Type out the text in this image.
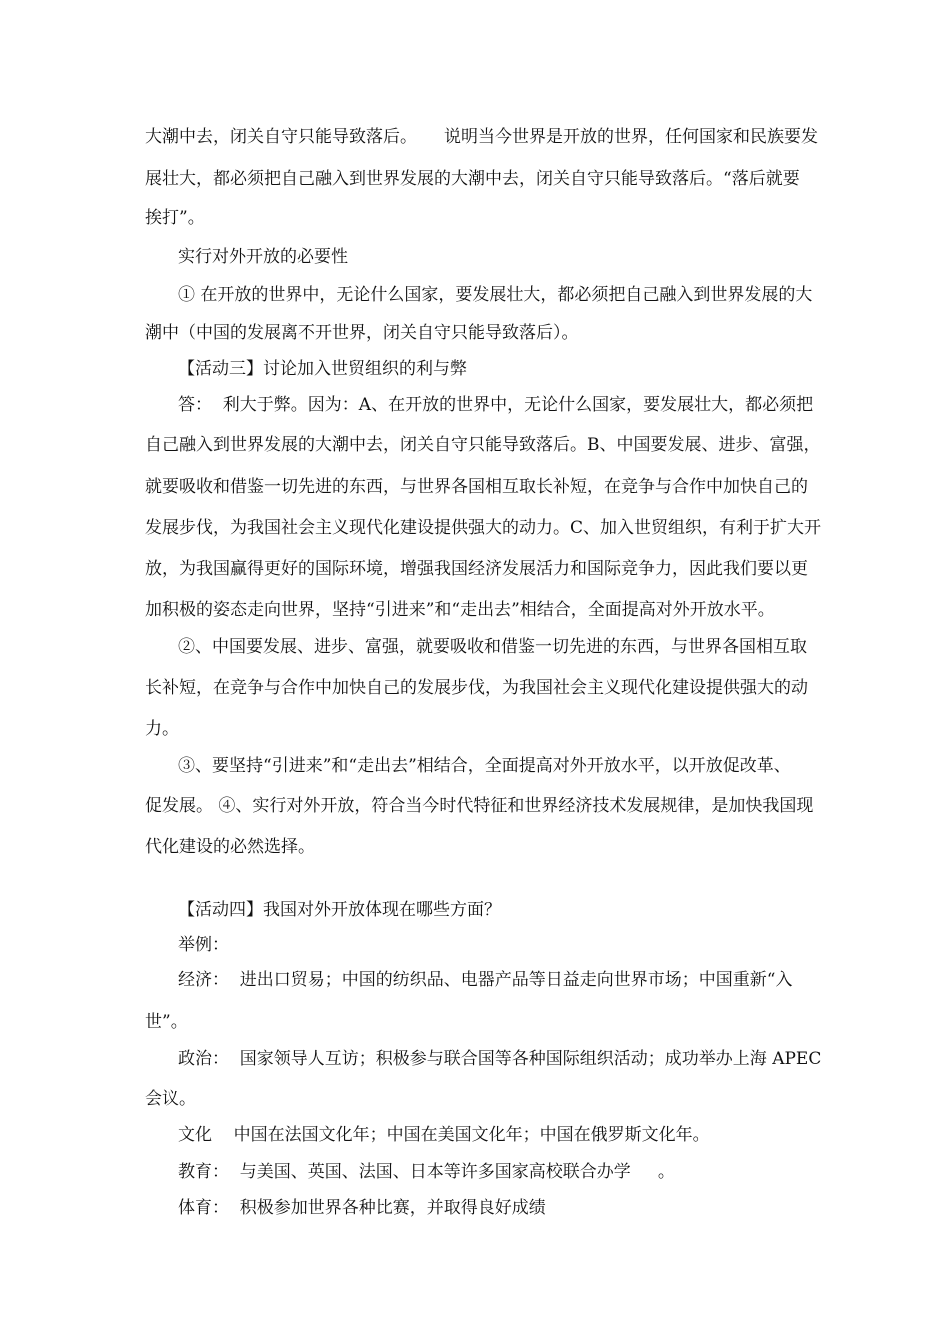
大潮中去，闭关自守只能导致落后。     说明当今世界是开放的世界，任何国家和民族要发

展壮大，都必须把自己融入到世界发展的大潮中去，闭关自守只能导致落后。“落后就要

挨打”。

实行对外开放的必要性

① 在开放的世界中，无论什么国家，要发展壮大，都必须把自己融入到世界发展的大

潮中（中国的发展离不开世界，闭关自守只能导致落后）。

【活动三】讨论加入世贸组织的利与弊

答：  利大于弊。因为：A、在开放的世界中，无论什么国家，要发展壮大，都必须把

自己融入到世界发展的大潮中去，闭关自守只能导致落后。B、中国要发展、进步、富强，

就要吸收和借鉴一切先进的东西，与世界各国相互取长补短，在竞争与合作中加快自己的

发展步伐，为我国社会主义现代化建设提供强大的动力。C、加入世贸组织，有利于扩大开

放，为我国赢得更好的国际环境，增强我国经济发展活力和国际竞争力，因此我们要以更

加积极的姿态走向世界，坚持“引进来”和“走出去”相结合，全面提高对外开放水平。

②、中国要发展、进步、富强，就要吸收和借鉴一切先进的东西，与世界各国相互取

长补短，在竞争与合作中加快自己的发展步伐，为我国社会主义现代化建设提供强大的动

力。

③、要坚持“引进来”和“走出去”相结合，全面提高对外开放水平，以开放促改革、

促发展。 ④、实行对外开放，符合当今时代特征和世界经济技术发展规律，是加快我国现

代化建设的必然选择。

【活动四】我国对外开放体现在哪些方面？

举例：

经济：  进出口贸易；中国的纺织品、电器产品等日益走向世界市场；中国重新“入

世”。

政治：  国家领导人互访；积极参与联合国等各种国际组织活动；成功举办上海 APEC

会议。

文化    中国在法国文化年；中国在美国文化年；中国在俄罗斯文化年。

教育：  与美国、英国、法国、日本等许多国家高校联合办学     。

体育：  积极参加世界各种比赛，并取得良好成绩
